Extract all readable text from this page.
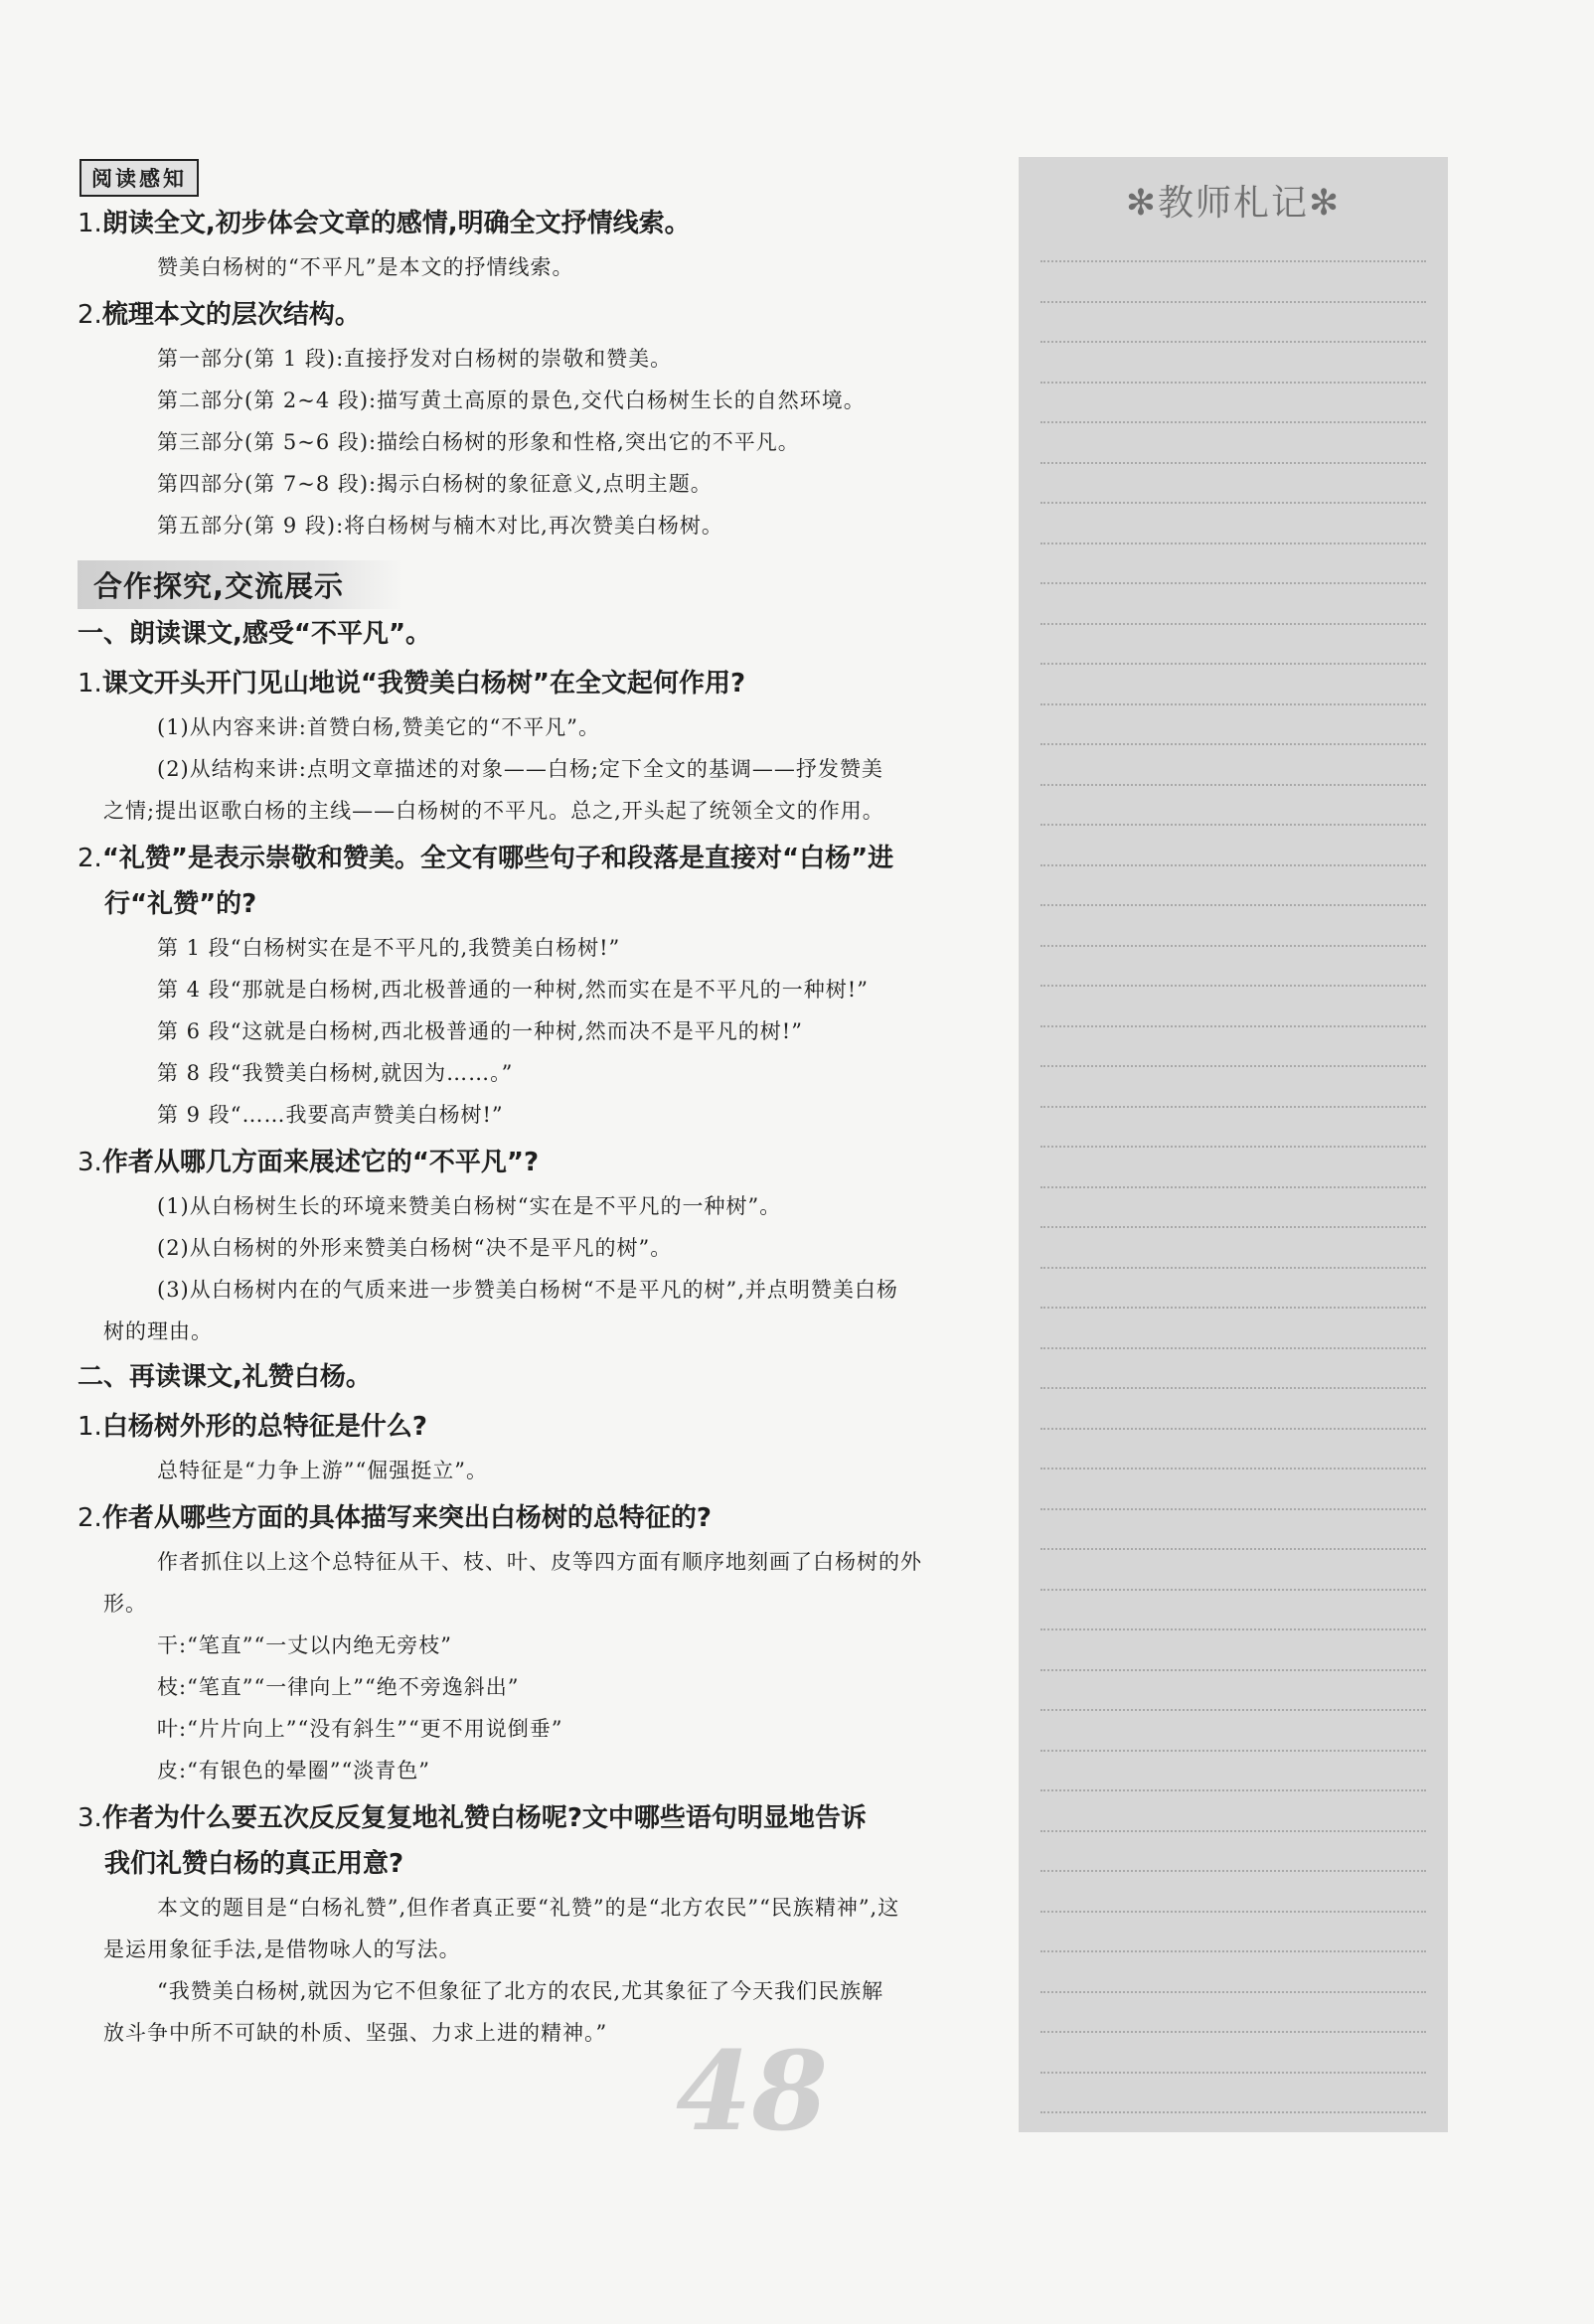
阅读感知
1.朗读全文,初步体会文章的感情,明确全文抒情线索。
赞美白杨树的“不平凡”是本文的抒情线索。
2.梳理本文的层次结构。
第一部分(第 1 段):直接抒发对白杨树的崇敬和赞美。
第二部分(第 2~4 段):描写黄土高原的景色,交代白杨树生长的自然环境。
第三部分(第 5~6 段):描绘白杨树的形象和性格,突出它的不平凡。
第四部分(第 7~8 段):揭示白杨树的象征意义,点明主题。
第五部分(第 9 段):将白杨树与楠木对比,再次赞美白杨树。
合作探究,交流展示
一、朗读课文,感受“不平凡”。
1.课文开头开门见山地说“我赞美白杨树”在全文起何作用?
(1)从内容来讲:首赞白杨,赞美它的“不平凡”。
(2)从结构来讲:点明文章描述的对象——白杨;定下全文的基调——抒发赞美
之情;提出讴歌白杨的主线——白杨树的不平凡。总之,开头起了统领全文的作用。
2.“礼赞”是表示崇敬和赞美。全文有哪些句子和段落是直接对“白杨”进
行“礼赞”的?
第 1 段“白杨树实在是不平凡的,我赞美白杨树!”
第 4 段“那就是白杨树,西北极普通的一种树,然而实在是不平凡的一种树!”
第 6 段“这就是白杨树,西北极普通的一种树,然而决不是平凡的树!”
第 8 段“我赞美白杨树,就因为……。”
第 9 段“……我要高声赞美白杨树!”
3.作者从哪几方面来展述它的“不平凡”?
(1)从白杨树生长的环境来赞美白杨树“实在是不平凡的一种树”。
(2)从白杨树的外形来赞美白杨树“决不是平凡的树”。
(3)从白杨树内在的气质来进一步赞美白杨树“不是平凡的树”,并点明赞美白杨
树的理由。
二、再读课文,礼赞白杨。
1.白杨树外形的总特征是什么?
总特征是“力争上游”“倔强挺立”。
2.作者从哪些方面的具体描写来突出白杨树的总特征的?
作者抓住以上这个总特征从干、枝、叶、皮等四方面有顺序地刻画了白杨树的外
形。
干:“笔直”“一丈以内绝无旁枝”
枝:“笔直”“一律向上”“绝不旁逸斜出”
叶:“片片向上”“没有斜生”“更不用说倒垂”
皮:“有银色的晕圈”“淡青色”
3.作者为什么要五次反反复复地礼赞白杨呢?文中哪些语句明显地告诉
我们礼赞白杨的真正用意?
本文的题目是“白杨礼赞”,但作者真正要“礼赞”的是“北方农民”“民族精神”,这
是运用象征手法,是借物咏人的写法。
“我赞美白杨树,就因为它不但象征了北方的农民,尤其象征了今天我们民族解
放斗争中所不可缺的朴质、坚强、力求上进的精神。”
✻教师札记✻
48
